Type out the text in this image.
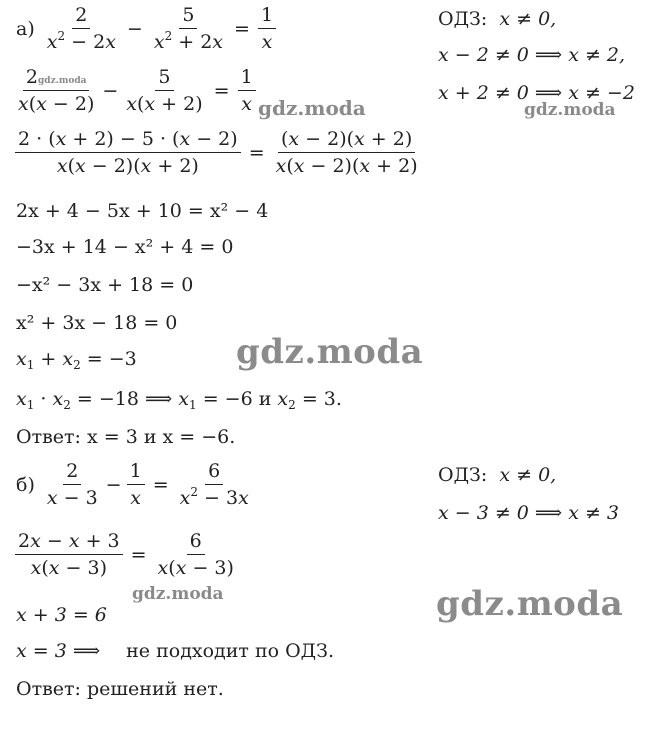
$а) \frac{2}{x^2 - 2x} - \frac{5}{x^2 + 2x} = \frac{1}{x}$	ОДЗ: x ≠ 0,
x − 2 ≠ 0 ⟹ x ≠ 2,
x + 2 ≠ 0 ⟹ x ≠ −2
$\frac{\text{2gdz.moda}}{x(x - 2)} - \frac{5}{x(x + 2)} = \frac{1}{x}$ gdz.moda	gdz.moda
$\frac{2 \cdot (x + 2) - 5 \cdot (x - 2)}{x(x - 2)(x + 2)} = \frac{(x - 2)(x + 2)}{x(x - 2)(x + 2)}$
2x + 4 − 5x + 10 = x² − 4
−3x + 14 − x² + 4 = 0
−x² − 3x + 18 = 0
x² + 3x − 18 = 0
$x_1 + x_2 = -3$	gdz.moda
$x_1 \cdot x_2 = -18$ ⟹ $x_1 = -6$ и $x_2 = 3$.
Ответ: x = 3 и x = −6.
$б) \frac{2}{x - 3} - \frac{1}{x} = \frac{6}{x^2 - 3x}$	ОДЗ: x ≠ 0,
x − 3 ≠ 0 ⟹ x ≠ 3
$\frac{2x - x + 3}{x(x - 3)} = \frac{6}{x(x - 3)}$
gdz.moda	gdz.moda
x + 3 = 6
x = 3 ⟹ не подходит по ОДЗ.
Ответ: решений нет.
